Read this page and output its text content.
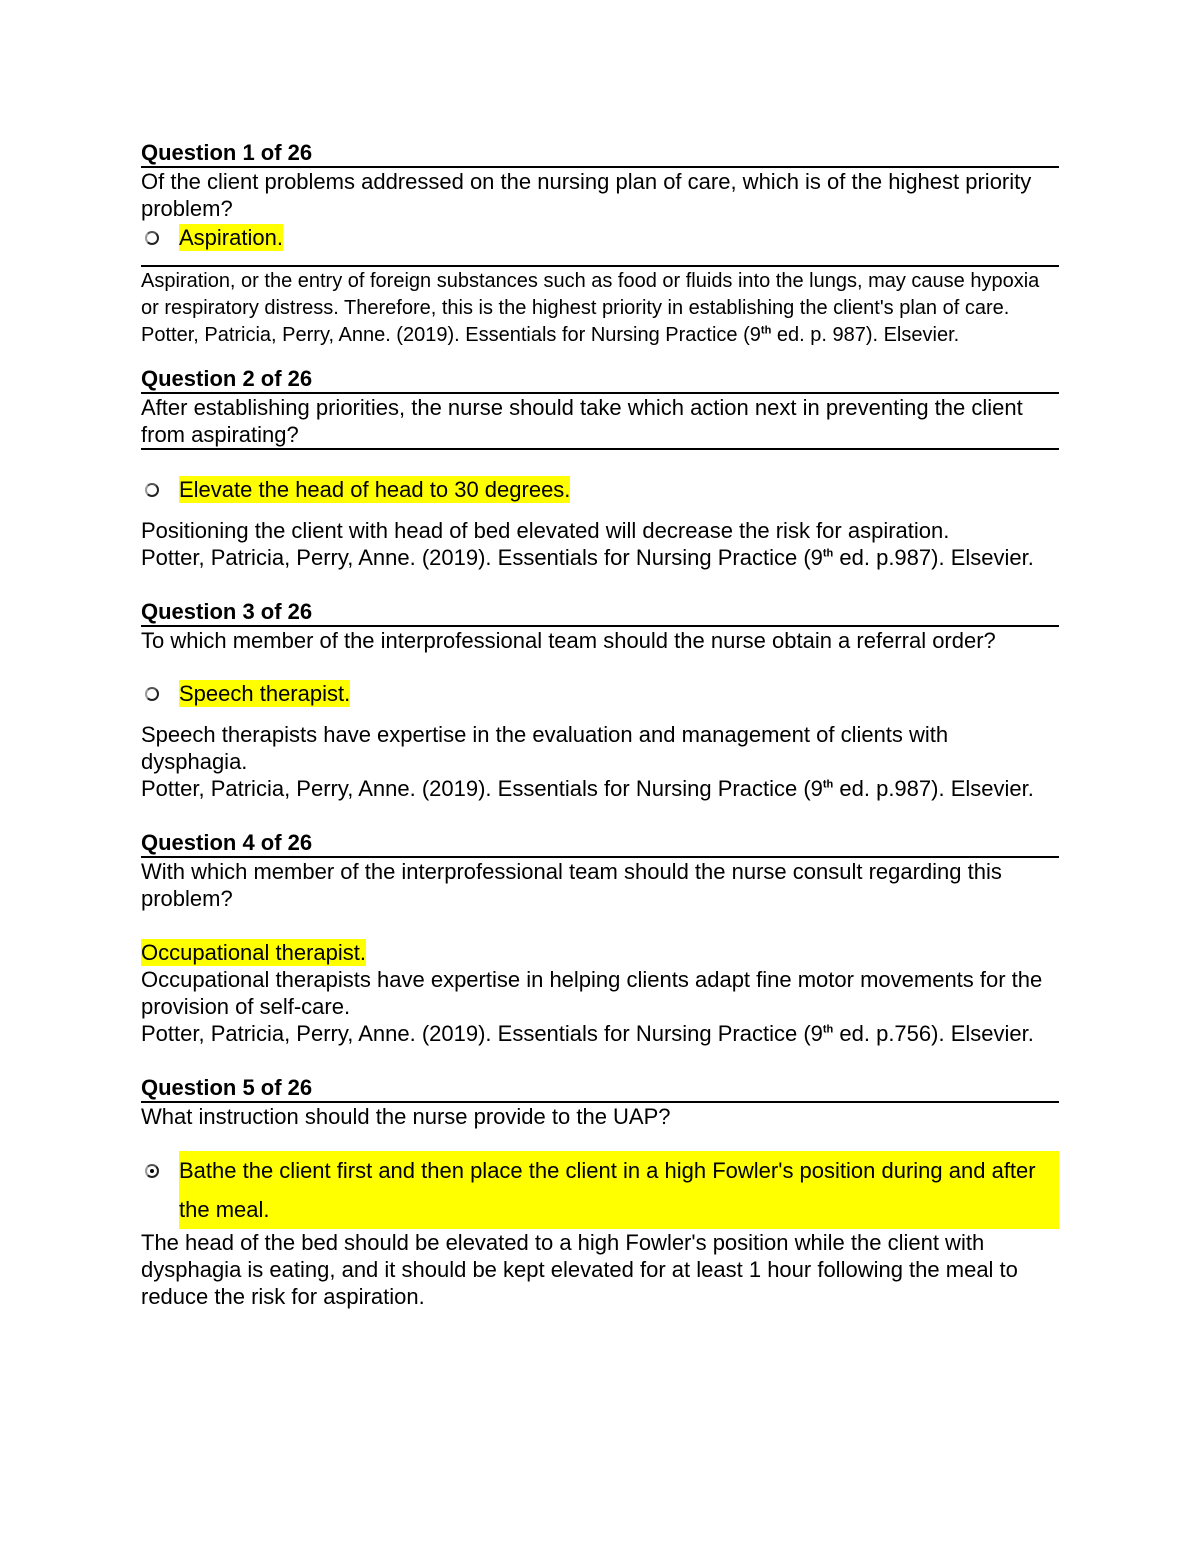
Question 1 of 26
Of the client problems addressed on the nursing plan of care, which is of the highest priority problem?
Aspiration.
Aspiration, or the entry of foreign substances such as food or fluids into the lungs, may cause hypoxia or respiratory distress. Therefore, this is the highest priority in establishing the client's plan of care.
Potter, Patricia, Perry, Anne. (2019). Essentials for Nursing Practice (9th ed. p. 987). Elsevier.
Question 2 of 26
After establishing priorities, the nurse should take which action next in preventing the client from aspirating?
Elevate the head of head to 30 degrees.
Positioning the client with head of bed elevated will decrease the risk for aspiration.
Potter, Patricia, Perry, Anne. (2019). Essentials for Nursing Practice (9th ed. p.987). Elsevier.
Question 3 of 26
To which member of the interprofessional team should the nurse obtain a referral order?
Speech therapist.
Speech therapists have expertise in the evaluation and management of clients with dysphagia.
Potter, Patricia, Perry, Anne. (2019). Essentials for Nursing Practice (9th ed. p.987). Elsevier.
Question 4 of 26
With which member of the interprofessional team should the nurse consult regarding this problem?
Occupational therapist.
Occupational therapists have expertise in helping clients adapt fine motor movements for the provision of self-care.
Potter, Patricia, Perry, Anne. (2019). Essentials for Nursing Practice (9th ed. p.756). Elsevier.
Question 5 of 26
What instruction should the nurse provide to the UAP?
Bathe the client first and then place the client in a high Fowler's position during and after the meal.
The head of the bed should be elevated to a high Fowler's position while the client with dysphagia is eating, and it should be kept elevated for at least 1 hour following the meal to reduce the risk for aspiration.
